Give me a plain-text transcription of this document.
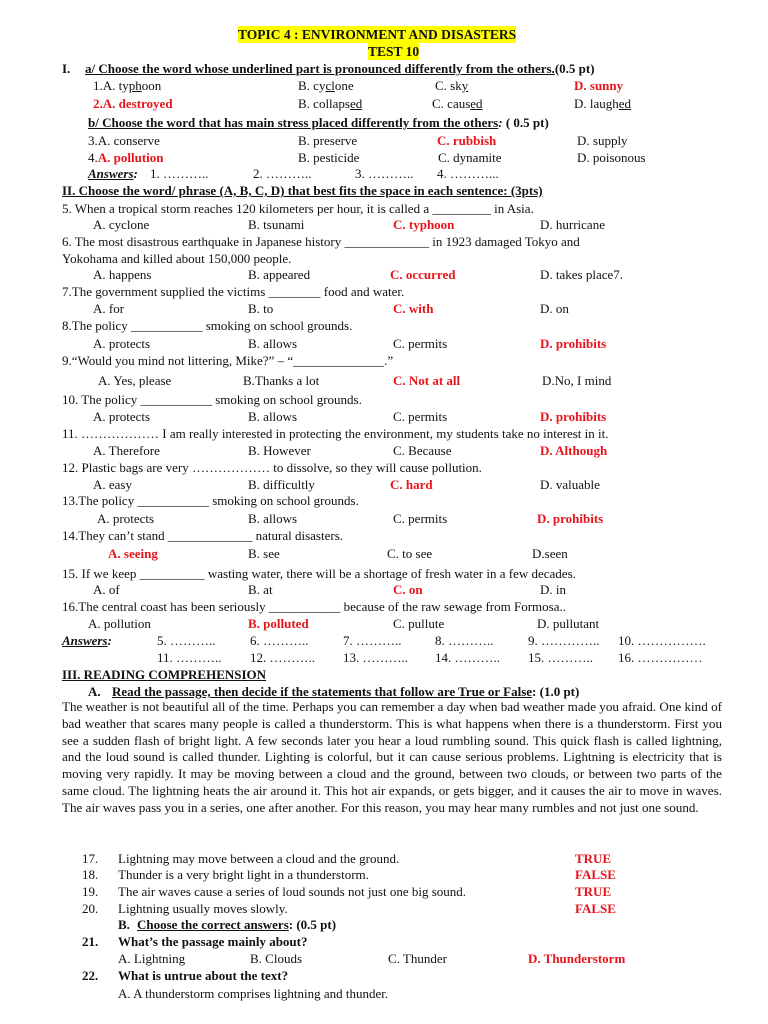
TOPIC 4 : ENVIRONMENT AND DISASTERS
TEST 10
I. a/ Choose the word whose underlined part is pronounced differently from the others.(0.5 pt)
1.A. typhoon	B. cyclone	C. sky	D. sunny
2.A. destroyed	B. collapsed	C. caused	D. laughed
b/ Choose the word that has main stress placed differently from the others: ( 0.5 pt)
3.A. conserve	B. preserve	C. rubbish	D. supply
4.A. pollution	B. pesticide	C. dynamite	D. poisonous
Answers: 1. ………..	2. ………..	3. ……….. 4. ………...
II. Choose the word/ phrase (A, B, C, D) that best fits the space in each sentence: (3pts)
5. When a tropical storm reaches 120 kilometers per hour, it is called a _________ in Asia.
A. cyclone	B. tsunami	C. typhoon	D. hurricane
6. The most disastrous earthquake in Japanese history _____________ in 1923 damaged Tokyo and
Yokohama and killed about 150,000 people.
A. happens	B. appeared	C. occurred	D. takes place7.
7.The government supplied the victims ________ food and water.
A. for	B. to	C. with	D. on
8.The policy ___________ smoking on school grounds.
A. protects	B. allows	C. permits	D. prohibits
9.“Would you mind not littering, Mike?” – “______________.”
A. Yes, please	B.Thanks a lot	C. Not at all	D.No, I mind
10. The policy ___________ smoking on school grounds.
A. protects	B. allows	C. permits	D. prohibits
11. ……………… I am really interested in protecting the environment, my students take no interest in it.
A. Therefore	B. However	C. Because	D. Although
12. Plastic bags are very ……………… to dissolve, so they will cause pollution.
A. easy	B. difficultly	C. hard	D. valuable
13.The policy ___________ smoking on school grounds.
A. protects	B. allows	C. permits	D. prohibits
14.They can’t stand _____________ natural disasters.
A. seeing	B. see	C. to see	D.seen
15. If we keep __________ wasting water, there will be a shortage of fresh water in a few decades.
A. of	B. at	C. on	D. in
16.The central coast has been seriously ___________ because of the raw sewage from Formosa..
A. pollution	B. polluted	C. pullute	D. pullutant
Answers:	5. ………..	6. ………..	7. ………..	8. ………..	9. ………….. 10. …………….
11. ……….. 12. ……….. 13. ……….. 14. ……….. 15. ……….. 16. ……………
III. READING COMPREHENSION
A. Read the passage, then decide if the statements that follow are True or False: (1.0 pt)
The weather is not beautiful all of the time. Perhaps you can remember a day when bad weather made you afraid. One kind of bad weather that scares many people is called a thunderstorm. This is what happens when there is a thunderstorm. First you see a sudden flash of bright light. A few seconds later you hear a loud rumbling sound. This quick flash is called lightning, and the loud sound is called thunder. Lighting is colorful, but it can cause serious problems. Lightning is electricity that is moving very rapidly. It may be moving between a cloud and the ground, between two clouds, or between two parts of the same cloud. The lightning heats the air around it. This hot air expands, or gets bigger, and it causes the air to move in waves. The air waves pass you in a series, one after another. For this reason, you may hear many rumbles and not just one sound.
17. Lightning may move between a cloud and the ground.	TRUE
18. Thunder is a very bright light in a thunderstorm.	FALSE
19. The air waves cause a series of loud sounds not just one big sound.	TRUE
20. Lightning usually moves slowly.	FALSE
B. Choose the correct answers: (0.5 pt)
21. What’s the passage mainly about?
A. Lightning	B. Clouds	C. Thunder	D. Thunderstorm
22. What is untrue about the text?
A. A thunderstorm comprises lightning and thunder.
